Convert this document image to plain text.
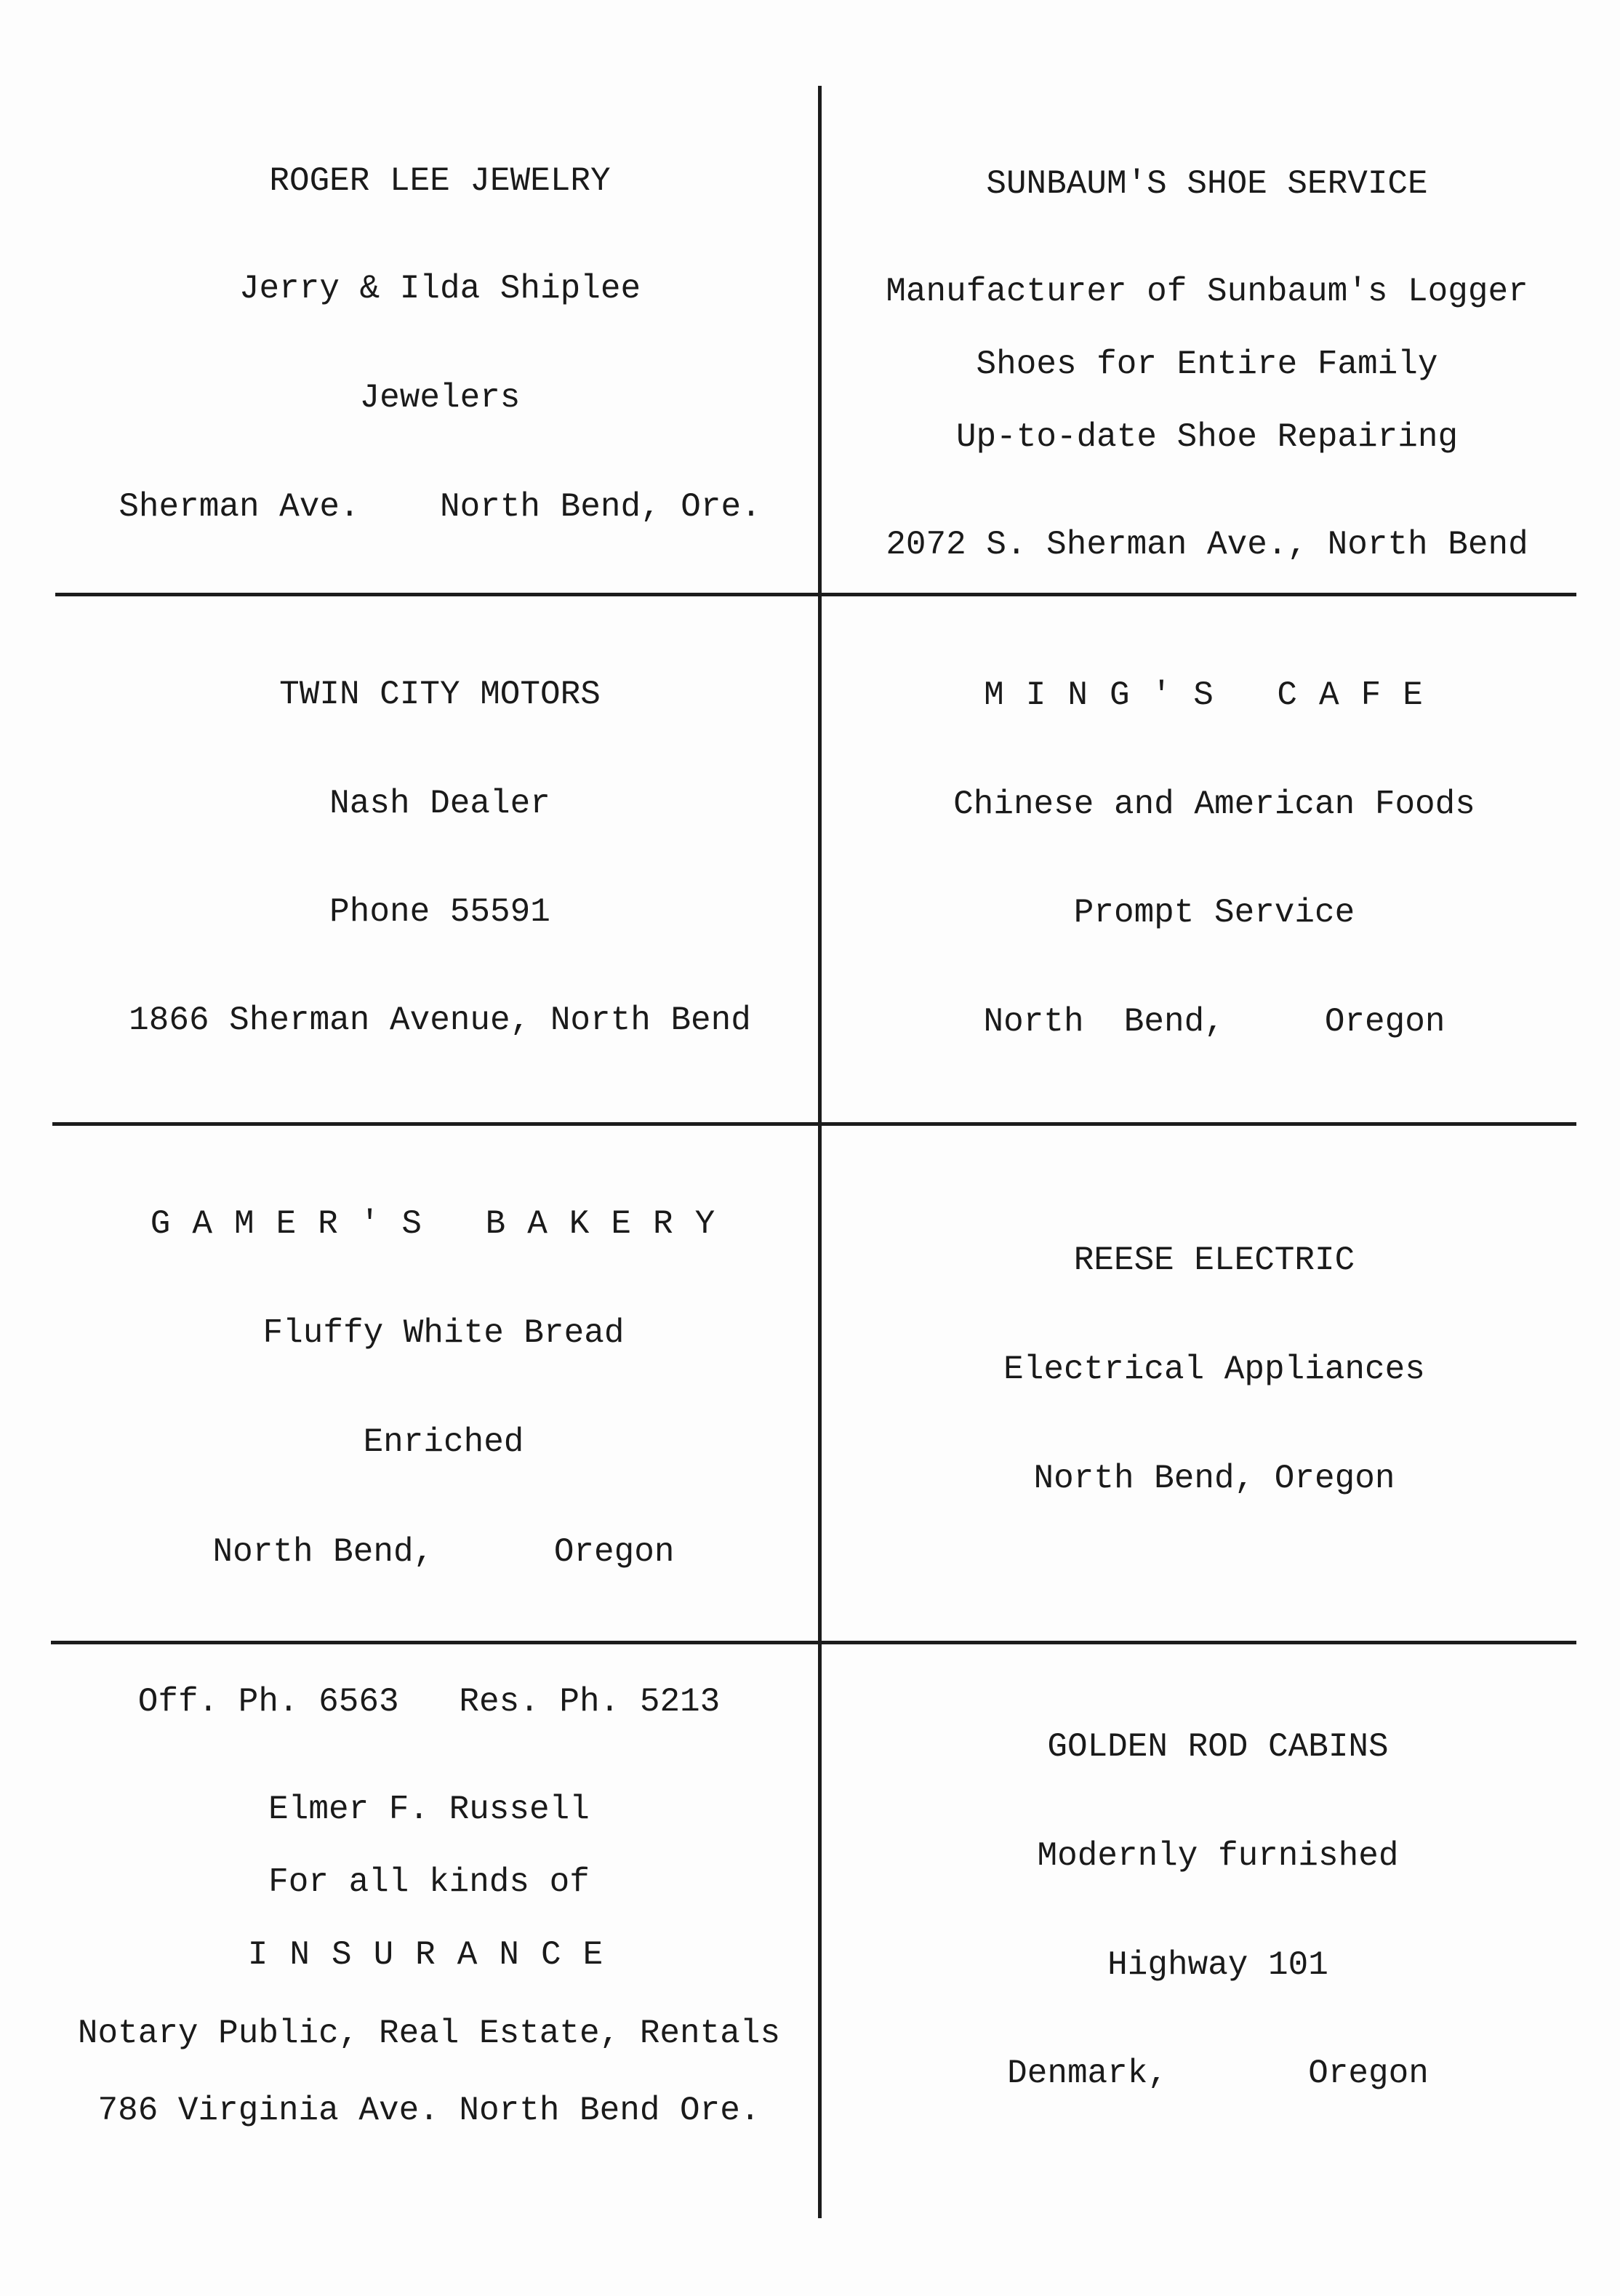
ROGER LEE JEWELRY
Jerry & Ilda Shiplee
Jewelers
Sherman Ave.    North Bend, Ore.
SUNBAUM'S SHOE SERVICE
Manufacturer of Sunbaum's Logger
Shoes for Entire Family
Up-to-date Shoe Repairing
2072 S. Sherman Ave., North Bend
TWIN CITY MOTORS
Nash Dealer
Phone 55591
1866 Sherman Avenue, North Bend
MING'S CAFE
Chinese and American Foods
Prompt Service
North  Bend,     Oregon
GAMER'S BAKERY
Fluffy White Bread
Enriched
North Bend,      Oregon
REESE ELECTRIC
Electrical Appliances
North Bend, Oregon
Off. Ph. 6563   Res. Ph. 5213
Elmer F. Russell
For all kinds of
INSURANCE
Notary Public, Real Estate, Rentals
786 Virginia Ave. North Bend Ore.
GOLDEN ROD CABINS
Modernly furnished
Highway 101
Denmark,       Oregon
